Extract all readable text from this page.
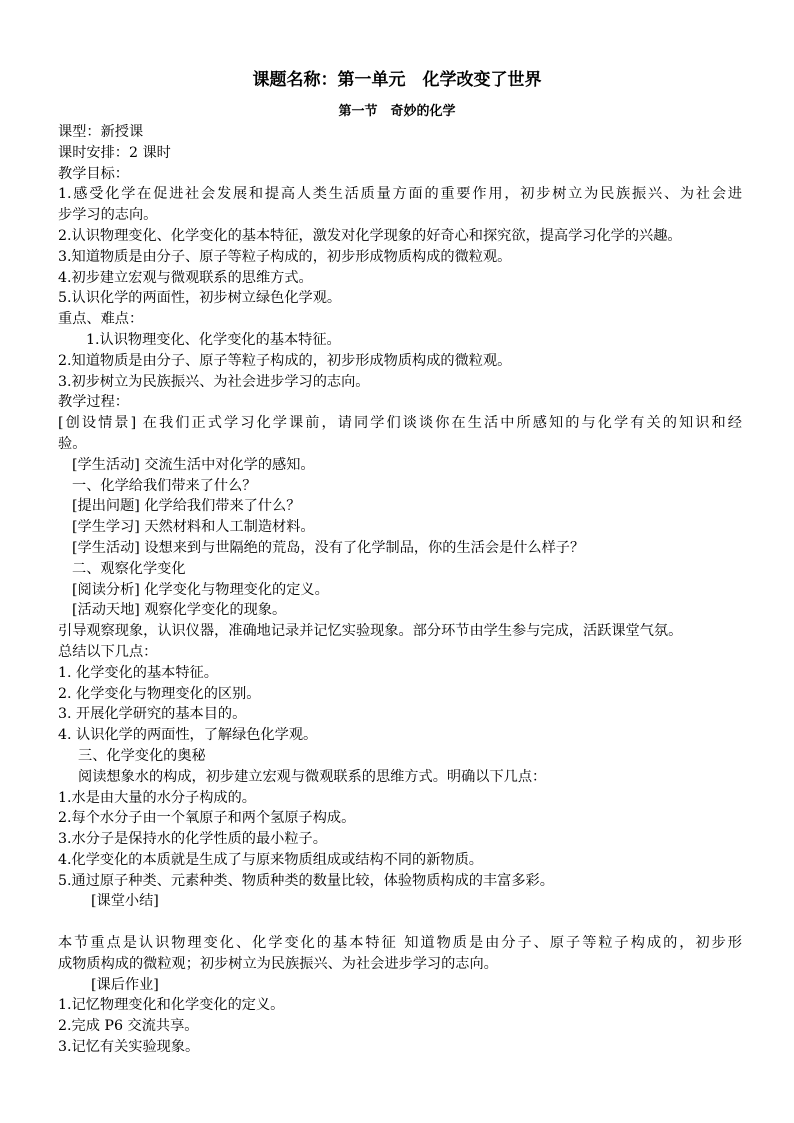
课题名称：第一单元　化学改变了世界
第一节　奇妙的化学
课型：新授课
课时安排：2 课时
教学目标：
1.感受化学在促进社会发展和提高人类生活质量方面的重要作用，初步树立为民族振兴、为社会进
步学习的志向。
2.认识物理变化、化学变化的基本特征，激发对化学现象的好奇心和探究欲，提高学习化学的兴趣。
3.知道物质是由分子、原子等粒子构成的，初步形成物质构成的微粒观。
4.初步建立宏观与微观联系的思维方式。
5.认识化学的两面性，初步树立绿色化学观。
重点、难点：
1.认识物理变化、化学变化的基本特征。
2.知道物质是由分子、原子等粒子构成的，初步形成物质构成的微粒观。
3.初步树立为民族振兴、为社会进步学习的志向。
教学过程：
[创设情景] 在我们正式学习化学课前，请同学们谈谈你在生活中所感知的与化学有关的知识和经
验。
[学生活动] 交流生活中对化学的感知。
一、化学给我们带来了什么？
[提出问题] 化学给我们带来了什么？
[学生学习] 天然材料和人工制造材料。
[学生活动] 设想来到与世隔绝的荒岛，没有了化学制品，你的生活会是什么样子？
二、观察化学变化
[阅读分析] 化学变化与物理变化的定义。
[活动天地] 观察化学变化的现象。
引导观察现象，认识仪器，准确地记录并记忆实验现象。部分环节由学生参与完成，活跃课堂气氛。
总结以下几点：
1. 化学变化的基本特征。
2. 化学变化与物理变化的区别。
3. 开展化学研究的基本目的。
4. 认识化学的两面性，了解绿色化学观。
三、化学变化的奥秘
阅读想象水的构成，初步建立宏观与微观联系的思维方式。明确以下几点：
1.水是由大量的水分子构成的。
2.每个水分子由一个氧原子和两个氢原子构成。
3.水分子是保持水的化学性质的最小粒子。
4.化学变化的本质就是生成了与原来物质组成或结构不同的新物质。
5.通过原子种类、元素种类、物质种类的数量比较，体验物质构成的丰富多彩。
[课堂小结]
本节重点是认识物理变化、化学变化的基本特征 知道物质是由分子、原子等粒子构成的，初步形
成物质构成的微粒观；初步树立为民族振兴、为社会进步学习的志向。
[课后作业]
1.记忆物理变化和化学变化的定义。
2.完成 P6 交流共享。
3.记忆有关实验现象。
